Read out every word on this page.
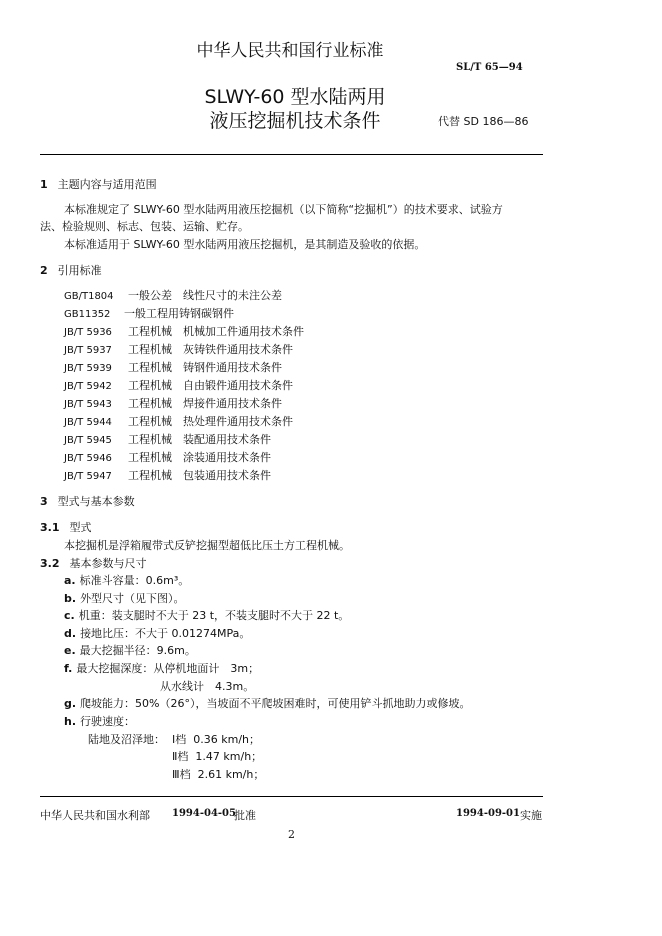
中华人民共和国行业标准
SL/T 65—94
SLWY-60 型水陆两用
液压挖掘机技术条件	代替 SD 186—86
1 主题内容与适用范围
本标准规定了 SLWY-60 型水陆两用液压挖掘机（以下简称“挖掘机”）的技术要求、试验方
法、检验规则、标志、包装、运输、贮存。
本标准适用于 SLWY-60 型水陆两用液压挖掘机，是其制造及验收的依据。
2 引用标准
GB/T1804 一般公差　线性尺寸的未注公差
GB11352 一般工程用铸钢碳钢件
JB/T 5936 工程机械　机械加工件通用技术条件
JB/T 5937 工程机械　灰铸铁件通用技术条件
JB/T 5939 工程机械　铸钢件通用技术条件
JB/T 5942 工程机械　自由锻件通用技术条件
JB/T 5943 工程机械　焊接件通用技术条件
JB/T 5944 工程机械　热处理件通用技术条件
JB/T 5945 工程机械　装配通用技术条件
JB/T 5946 工程机械　涂装通用技术条件
JB/T 5947 工程机械　包装通用技术条件
3 型式与基本参数
3.1 型式
本挖掘机是浮箱履带式反铲挖掘型超低比压土方工程机械。
3.2 基本参数与尺寸
a. 标准斗容量：0.6m³。
b. 外型尺寸（见下图）。
c. 机重：装支腿时不大于 23 t，不装支腿时不大于 22 t。
d. 接地比压：不大于 0.01274MPa。
e. 最大挖掘半径：9.6m。
f. 最大挖掘深度：从停机地面计　3m；
从水线计　4.3m。
g. 爬坡能力：50%（26°），当坡面不平爬坡困难时，可使用铲斗抓地助力或修坡。
h. 行驶速度：
陆地及沼泽地： Ⅰ档 0.36 km/h；
Ⅱ档 1.47 km/h；
Ⅲ档 2.61 km/h；
中华人民共和国水利部 1994-04-05
批准	1994-09-01 实施
2
